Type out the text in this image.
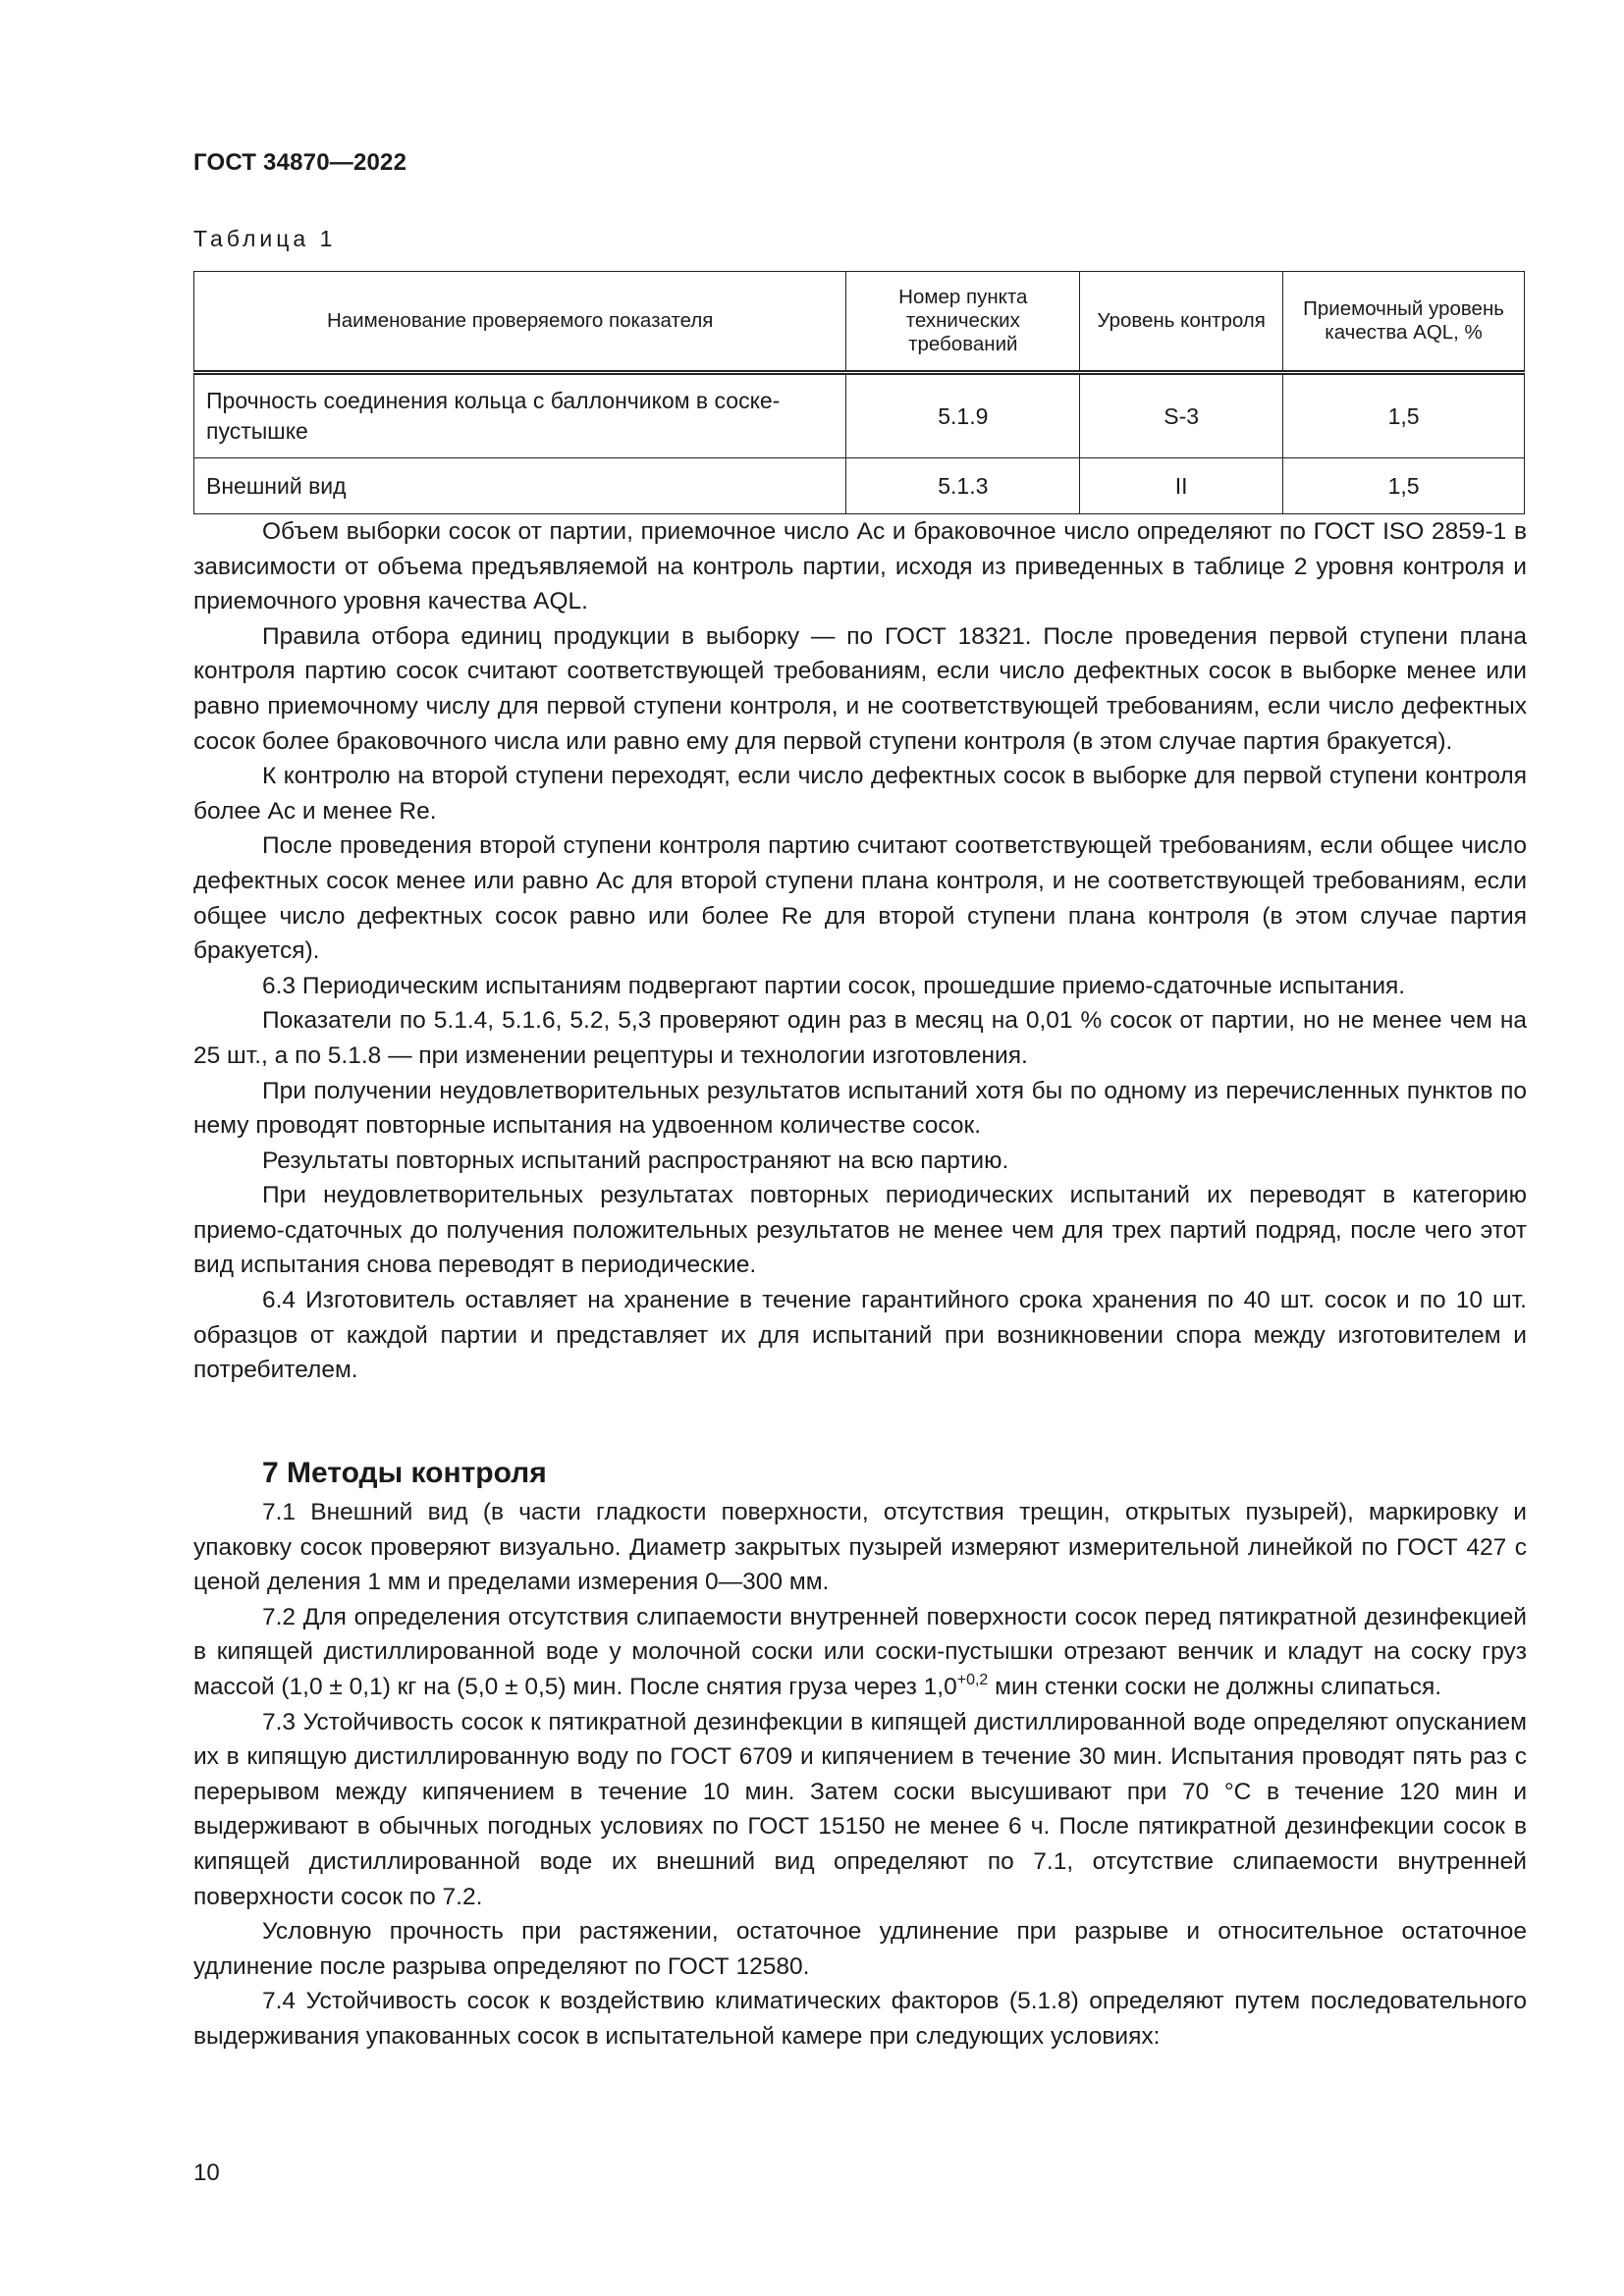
ГОСТ 34870—2022
Таблица 1
Наименование проверяемого показателя	Номер пункта технических требований	Уровень контроля	Приемочный уровень качества AQL, %
Прочность соединения кольца с баллончиком в соске-пустышке	5.1.9	S-3	1,5
Внешний вид	5.1.3	II	1,5

Объем выборки сосок от партии, приемочное число Ac и браковочное число определяют по ГОСТ ISO 2859-1 в зависимости от объема предъявляемой на контроль партии, исходя из приведенных в таблице 2 уровня контроля и приемочного уровня качества AQL.

Правила отбора единиц продукции в выборку — по ГОСТ 18321. После проведения первой ступени плана контроля партию сосок считают соответствующей требованиям, если число дефектных сосок в выборке менее или равно приемочному числу для первой ступени контроля, и не соответствующей требованиям, если число дефектных сосок более браковочного числа или равно ему для первой ступени контроля (в этом случае партия бракуется).

К контролю на второй ступени переходят, если число дефектных сосок в выборке для первой ступени контроля более Ac и менее Re.

После проведения второй ступени контроля партию считают соответствующей требованиям, если общее число дефектных сосок менее или равно Ac для второй ступени плана контроля, и не соответствующей требованиям, если общее число дефектных сосок равно или более Re для второй ступени плана контроля (в этом случае партия бракуется).

6.3 Периодическим испытаниям подвергают партии сосок, прошедшие приемо-сдаточные испытания.

Показатели по 5.1.4, 5.1.6, 5.2, 5,3 проверяют один раз в месяц на 0,01 % сосок от партии, но не менее чем на 25 шт., а по 5.1.8 — при изменении рецептуры и технологии изготовления.

При получении неудовлетворительных результатов испытаний хотя бы по одному из перечисленных пунктов по нему проводят повторные испытания на удвоенном количестве сосок.

Результаты повторных испытаний распространяют на всю партию.

При неудовлетворительных результатах повторных периодических испытаний их переводят в категорию приемо-сдаточных до получения положительных результатов не менее чем для трех партий подряд, после чего этот вид испытания снова переводят в периодические.

6.4 Изготовитель оставляет на хранение в течение гарантийного срока хранения по 40 шт. сосок и по 10 шт. образцов от каждой партии и представляет их для испытаний при возникновении спора между изготовителем и потребителем.

7 Методы контроля

7.1 Внешний вид (в части гладкости поверхности, отсутствия трещин, открытых пузырей), маркировку и упаковку сосок проверяют визуально. Диаметр закрытых пузырей измеряют измерительной линейкой по ГОСТ 427 с ценой деления 1 мм и пределами измерения 0—300 мм.

7.2 Для определения отсутствия слипаемости внутренней поверхности сосок перед пятикратной дезинфекцией в кипящей дистиллированной воде у молочной соски или соски-пустышки отрезают венчик и кладут на соску груз массой (1,0 ± 0,1) кг на (5,0 ± 0,5) мин. После снятия груза через $1,0^{+0,2}$ мин стенки соски не должны слипаться.

7.3 Устойчивость сосок к пятикратной дезинфекции в кипящей дистиллированной воде определяют опусканием их в кипящую дистиллированную воду по ГОСТ 6709 и кипячением в течение 30 мин. Испытания проводят пять раз с перерывом между кипячением в течение 10 мин. Затем соски высушивают при 70 °С в течение 120 мин и выдерживают в обычных погодных условиях по ГОСТ 15150 не менее 6 ч. После пятикратной дезинфекции сосок в кипящей дистиллированной воде их внешний вид определяют по 7.1, отсутствие слипаемости внутренней поверхности сосок по 7.2.

Условную прочность при растяжении, остаточное удлинение при разрыве и относительное остаточное удлинение после разрыва определяют по ГОСТ 12580.

7.4 Устойчивость сосок к воздействию климатических факторов (5.1.8) определяют путем последовательного выдерживания упакованных сосок в испытательной камере при следующих условиях:

10
